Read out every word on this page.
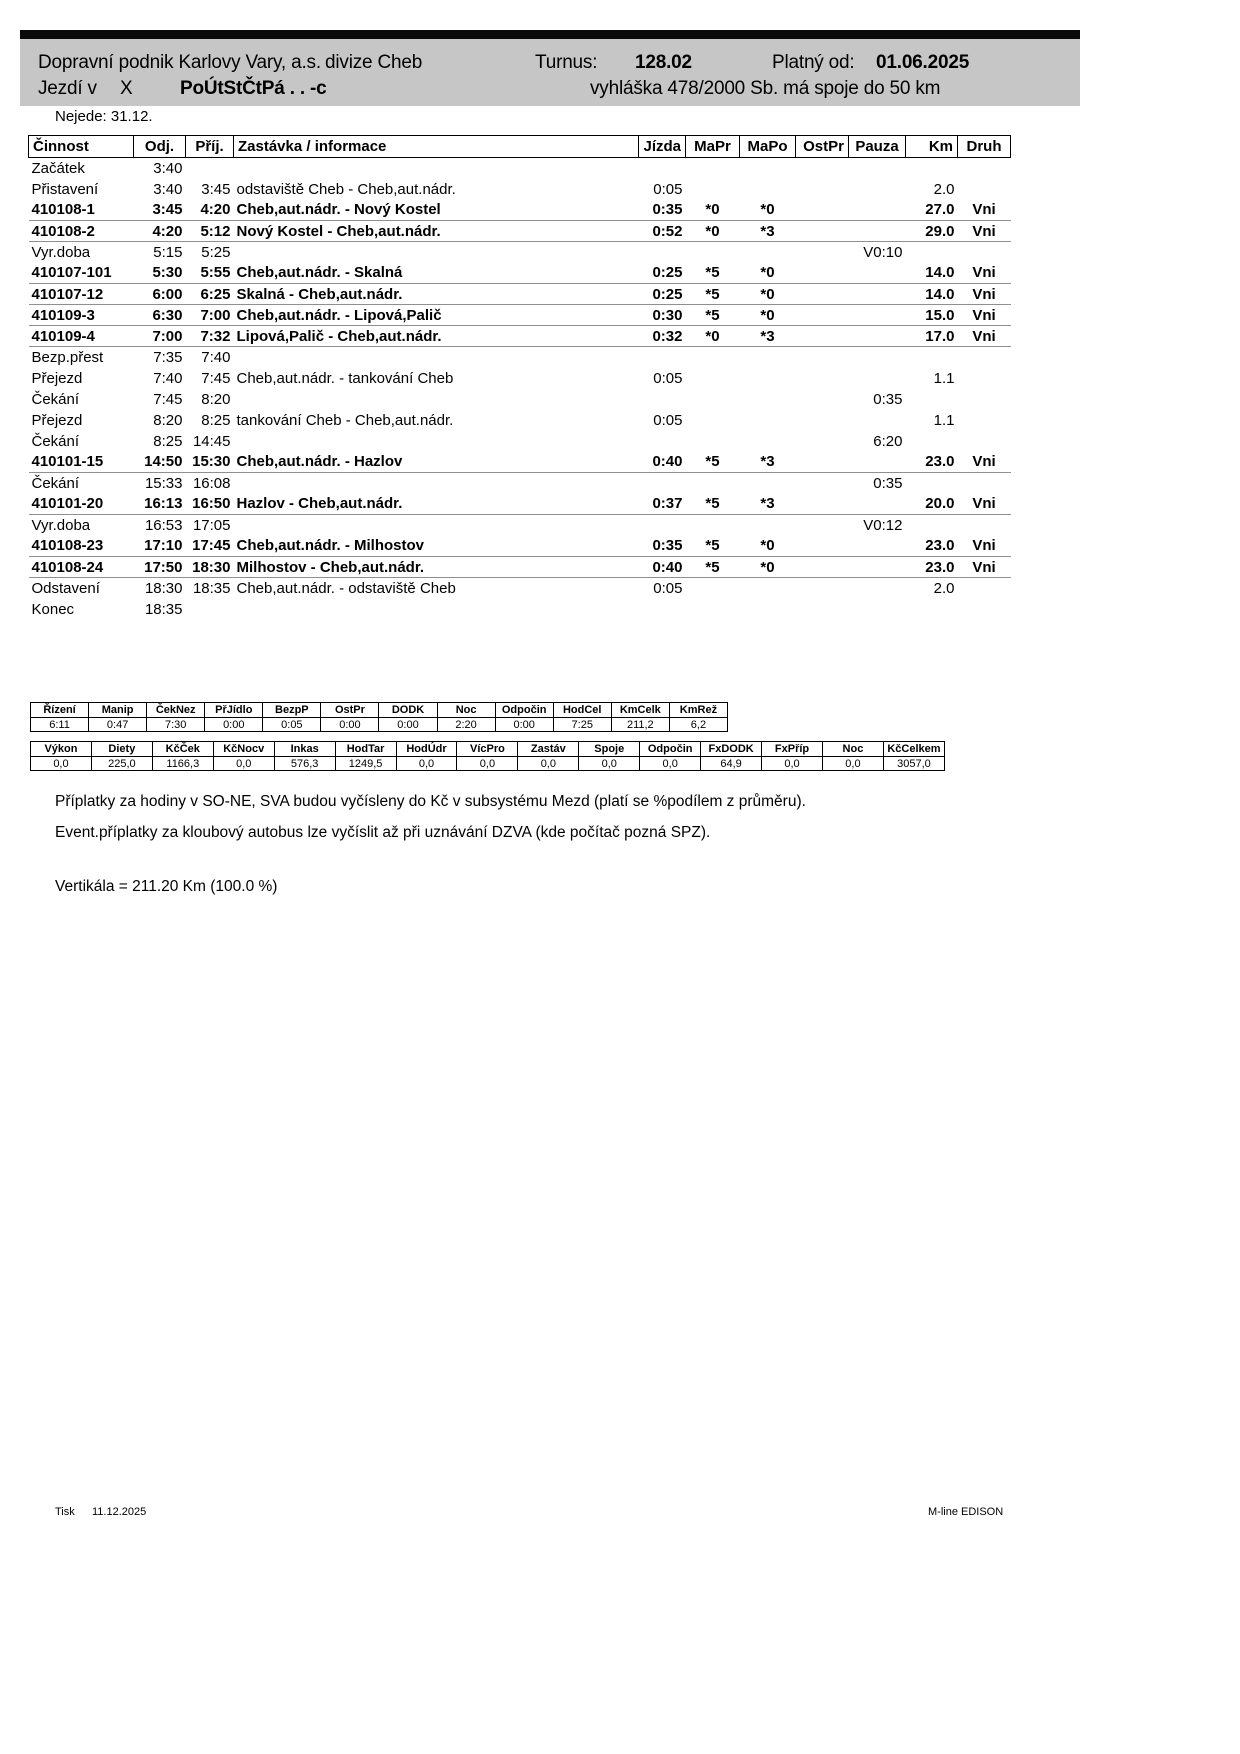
Dopravní podnik Karlovy Vary, a.s. divize Cheb	Turnus: 128.02	Platný od: 01.06.2025
Jezdí v X	PoÚtStČtPá . . -c	vyhláška 478/2000 Sb. má spoje do 50 km
Nejede: 31.12.
Činnost	Odj.	Příj.	Zastávka / informace	Jízda	MaPr	MaPo	OstPr	Pauza	Km	Druh
Začátek	3:40									
Přistavení	3:40	3:45	odstaviště Cheb - Cheb,aut.nádr.	0:05					2.0	
410108-1	3:45	4:20	Cheb,aut.nádr. - Nový Kostel	0:35	*0	*0			27.0	Vni
410108-2	4:20	5:12	Nový Kostel - Cheb,aut.nádr.	0:52	*0	*3			29.0	Vni
Vyr.doba	5:15	5:25						V0:10		
410107-101	5:30	5:55	Cheb,aut.nádr. - Skalná	0:25	*5	*0			14.0	Vni
410107-12	6:00	6:25	Skalná - Cheb,aut.nádr.	0:25	*5	*0			14.0	Vni
410109-3	6:30	7:00	Cheb,aut.nádr. - Lipová,Palič	0:30	*5	*0			15.0	Vni
410109-4	7:00	7:32	Lipová,Palič - Cheb,aut.nádr.	0:32	*0	*3			17.0	Vni
Bezp.přest	7:35	7:40								
Přejezd	7:40	7:45	Cheb,aut.nádr. - tankování Cheb	0:05					1.1	
Čekání	7:45	8:20						0:35		
Přejezd	8:20	8:25	tankování Cheb - Cheb,aut.nádr.	0:05					1.1	
Čekání	8:25	14:45						6:20		
410101-15	14:50	15:30	Cheb,aut.nádr. - Hazlov	0:40	*5	*3			23.0	Vni
Čekání	15:33	16:08						0:35		
410101-20	16:13	16:50	Hazlov - Cheb,aut.nádr.	0:37	*5	*3			20.0	Vni
Vyr.doba	16:53	17:05						V0:12		
410108-23	17:10	17:45	Cheb,aut.nádr. - Milhostov	0:35	*5	*0			23.0	Vni
410108-24	17:50	18:30	Milhostov - Cheb,aut.nádr.	0:40	*5	*0			23.0	Vni
Odstavení	18:30	18:35	Cheb,aut.nádr. - odstaviště Cheb	0:05					2.0	
Konec	18:35									
Řízení	Manip	ČekNez	PřJídlo	BezpP	OstPr	DODK	Noc	Odpočin	HodCel	KmCelk	KmRež
6:11	0:47	7:30	0:00	0:05	0:00	0:00	2:20	0:00	7:25	211,2	6,2
Výkon	Diety	KčČek	KčNocv	Inkas	HodTar	HodÚdr	VícPro	Zastáv	Spoje	Odpočin	FxDODK	FxPříp	Noc	KčCelkem
0,0	225,0	1166,3	0,0	576,3	1249,5	0,0	0,0	0,0	0,0	0,0	64,9	0,0	0,0	3057,0
Příplatky za hodiny v SO-NE, SVA budou vyčísleny do Kč v subsystému Mezd (platí se %podílem z průměru).
Event.příplatky za kloubový autobus lze vyčíslit až při uznávání DZVA (kde počítač pozná SPZ).
Vertikála = 211.20 Km (100.0 %)
Tisk 11.12.2025	M-line EDISON
